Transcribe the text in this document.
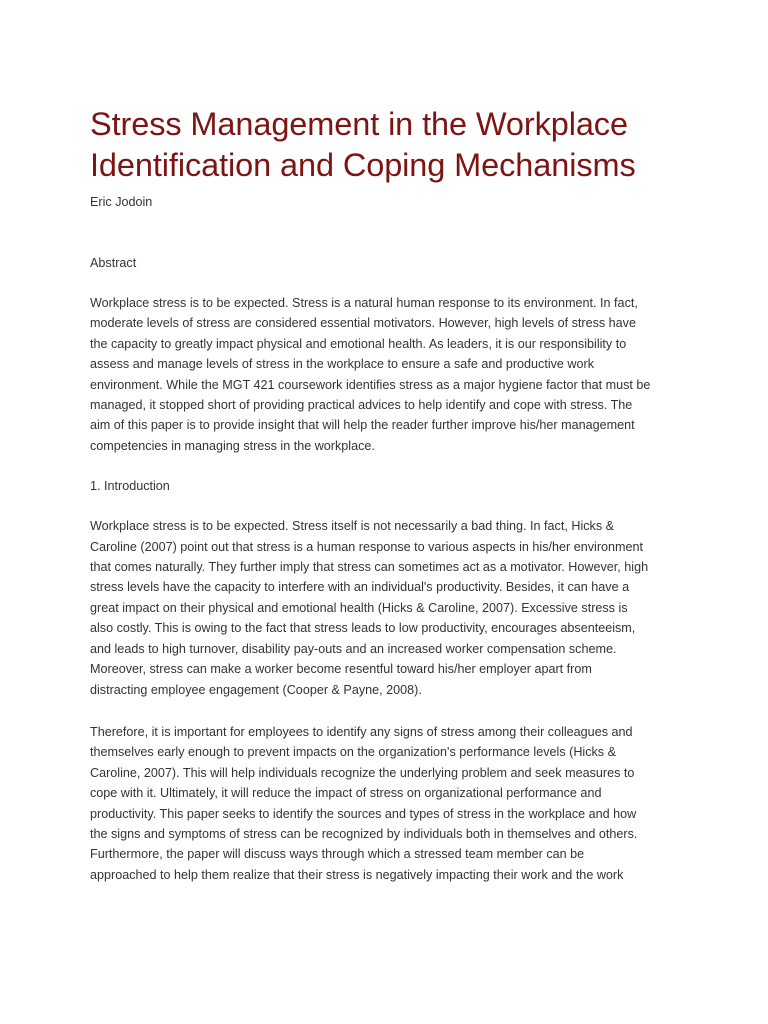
Stress Management in the Workplace
Identification and Coping Mechanisms

Eric Jodoin

Abstract

Workplace stress is to be expected. Stress is a natural human response to its environment. In fact,
moderate levels of stress are considered essential motivators. However, high levels of stress have
the capacity to greatly impact physical and emotional health. As leaders, it is our responsibility to
assess and manage levels of stress in the workplace to ensure a safe and productive work
environment. While the MGT 421 coursework identifies stress as a major hygiene factor that must be
managed, it stopped short of providing practical advices to help identify and cope with stress. The
aim of this paper is to provide insight that will help the reader further improve his/her management
competencies in managing stress in the workplace.

1. Introduction

Workplace stress is to be expected. Stress itself is not necessarily a bad thing. In fact, Hicks &
Caroline (2007) point out that stress is a human response to various aspects in his/her environment
that comes naturally. They further imply that stress can sometimes act as a motivator. However, high
stress levels have the capacity to interfere with an individual's productivity. Besides, it can have a
great impact on their physical and emotional health (Hicks & Caroline, 2007). Excessive stress is
also costly. This is owing to the fact that stress leads to low productivity, encourages absenteeism,
and leads to high turnover, disability pay-outs and an increased worker compensation scheme.
Moreover, stress can make a worker become resentful toward his/her employer apart from
distracting employee engagement (Cooper & Payne, 2008).

Therefore, it is important for employees to identify any signs of stress among their colleagues and
themselves early enough to prevent impacts on the organization's performance levels (Hicks &
Caroline, 2007). This will help individuals recognize the underlying problem and seek measures to
cope with it. Ultimately, it will reduce the impact of stress on organizational performance and
productivity. This paper seeks to identify the sources and types of stress in the workplace and how
the signs and symptoms of stress can be recognized by individuals both in themselves and others.
Furthermore, the paper will discuss ways through which a stressed team member can be
approached to help them realize that their stress is negatively impacting their work and the work
